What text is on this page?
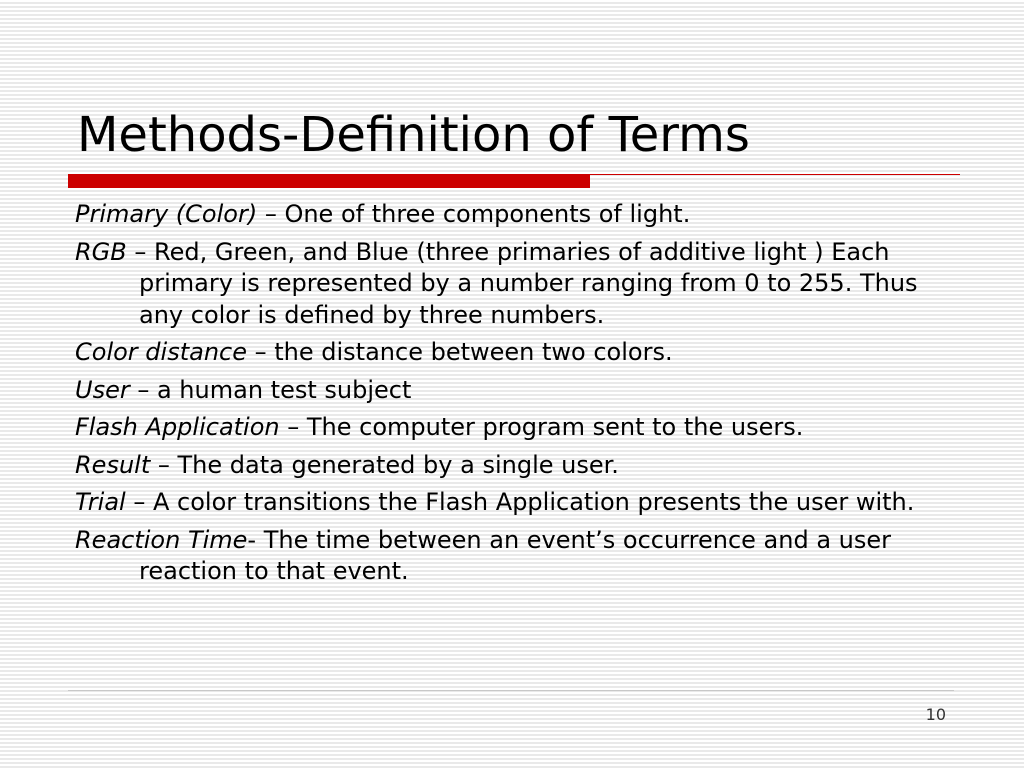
Methods-Definition of Terms
Primary (Color) – One of three components of light.
RGB – Red, Green, and Blue (three primaries of additive light ) Each primary is represented by a number ranging from 0 to 255. Thus any color is defined by three numbers.
Color distance – the distance between two colors.
User – a human test subject
Flash Application – The computer program sent to the users.
Result – The data generated by a single user.
Trial – A color transitions the Flash Application presents the user with.
Reaction Time- The time between an event’s occurrence and a user reaction to that event.
10
